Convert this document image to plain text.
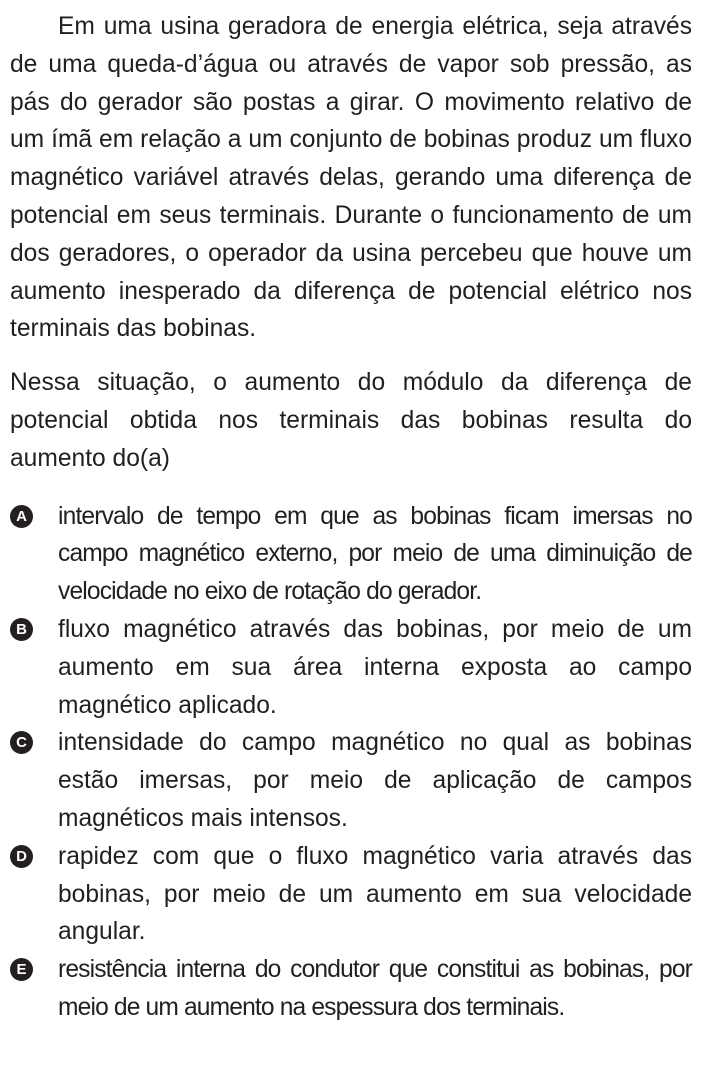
Em uma usina geradora de energia elétrica, seja através de uma queda-d’água ou através de vapor sob pressão, as pás do gerador são postas a girar. O movimento relativo de um ímã em relação a um conjunto de bobinas produz um fluxo magnético variável através delas, gerando uma diferença de potencial em seus terminais. Durante o funcionamento de um dos geradores, o operador da usina percebeu que houve um aumento inesperado da diferença de potencial elétrico nos terminais das bobinas.

Nessa situação, o aumento do módulo da diferença de potencial obtida nos terminais das bobinas resulta do aumento do(a)

A intervalo de tempo em que as bobinas ficam imersas no campo magnético externo, por meio de uma diminuição de velocidade no eixo de rotação do gerador.
B fluxo magnético através das bobinas, por meio de um aumento em sua área interna exposta ao campo magnético aplicado.
C intensidade do campo magnético no qual as bobinas estão imersas, por meio de aplicação de campos magnéticos mais intensos.
D rapidez com que o fluxo magnético varia através das bobinas, por meio de um aumento em sua velocidade angular.
E resistência interna do condutor que constitui as bobinas, por meio de um aumento na espessura dos terminais.
